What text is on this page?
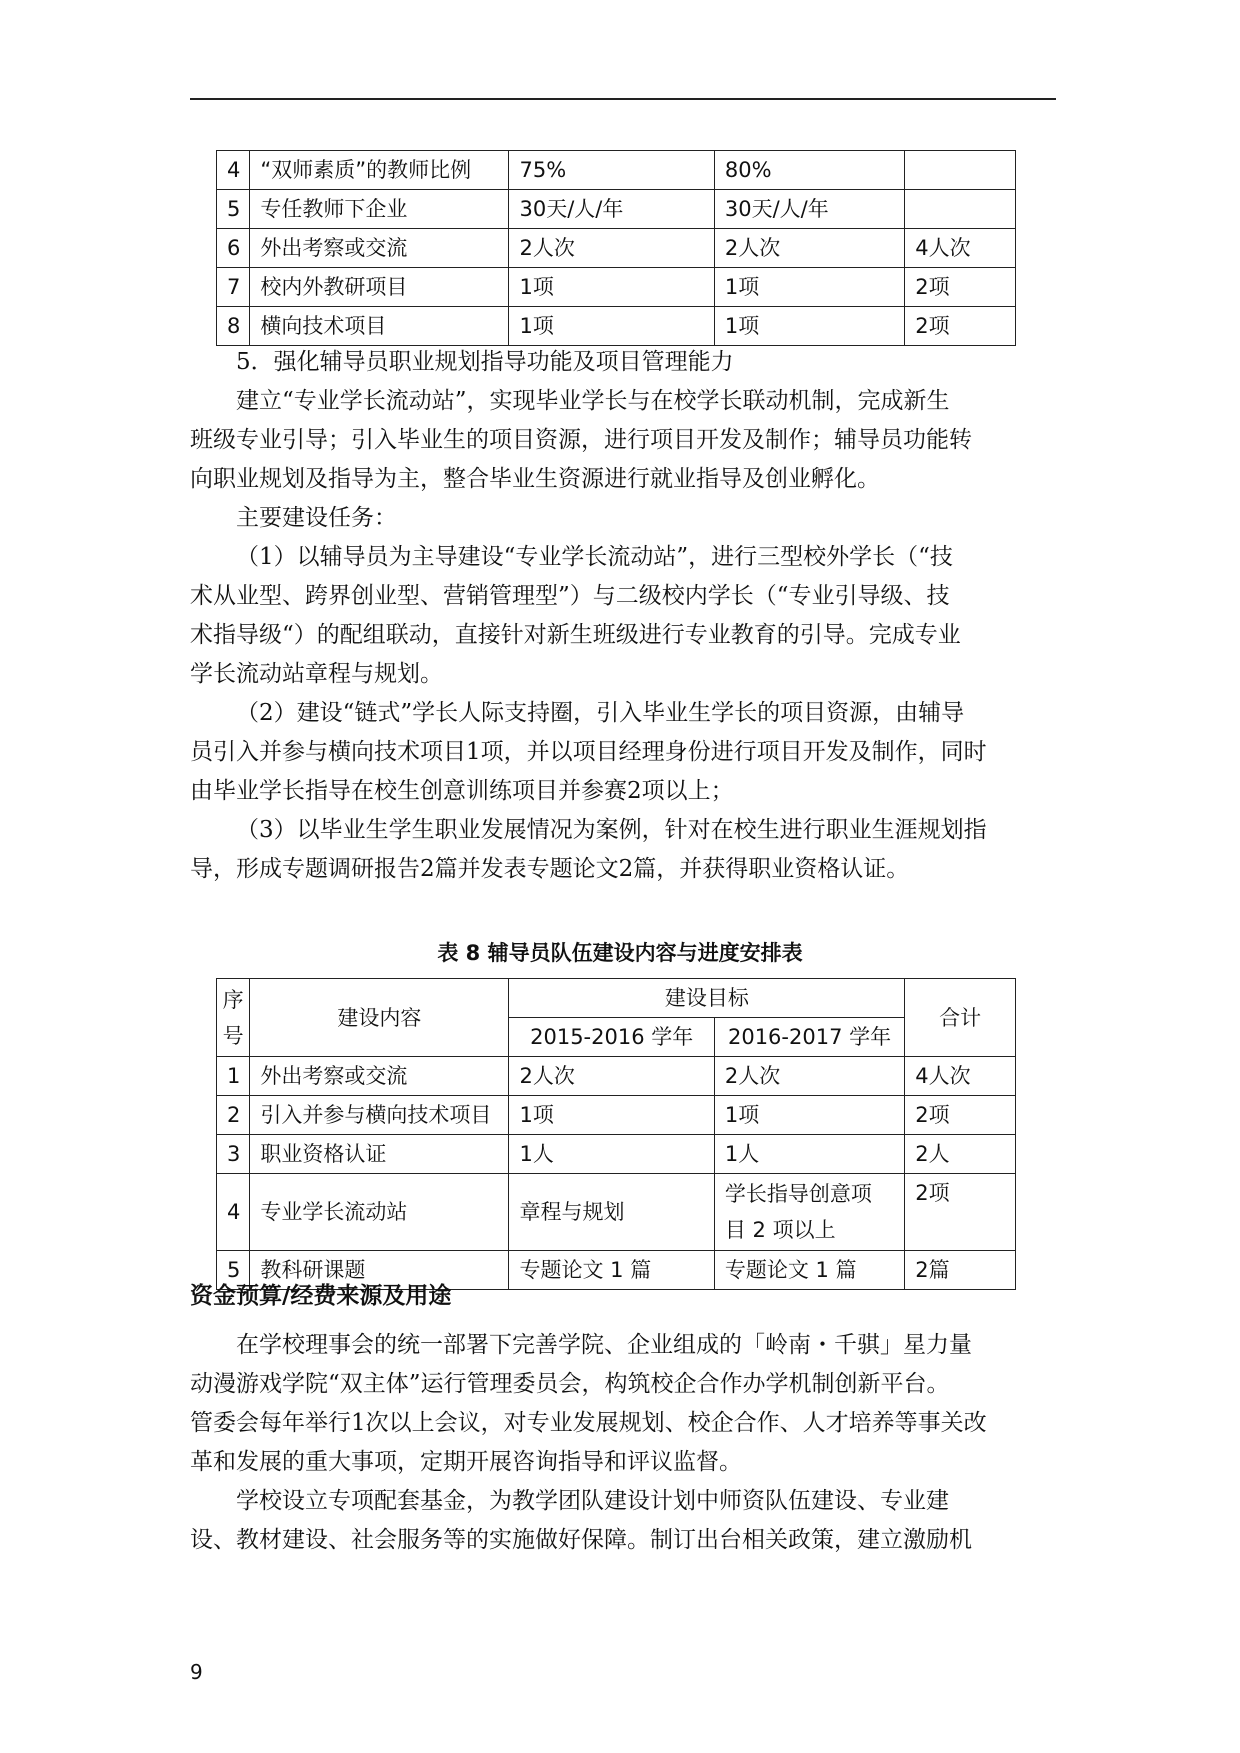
4	“双师素质”的教师比例	75%	80%	
5	专任教师下企业	30天/人/年	30天/人/年	
6	外出考察或交流	2人次	2人次	4人次
7	校内外教研项目	1项	1项	2项
8	横向技术项目	1项	1项	2项
5．强化辅导员职业规划指导功能及项目管理能力
建立“专业学长流动站”，实现毕业学长与在校学长联动机制，完成新生
班级专业引导；引入毕业生的项目资源，进行项目开发及制作；辅导员功能转
向职业规划及指导为主，整合毕业生资源进行就业指导及创业孵化。
主要建设任务：
（1）以辅导员为主导建设“专业学长流动站”，进行三型校外学长（“技
术从业型、跨界创业型、营销管理型”）与二级校内学长（“专业引导级、技
术指导级“）的配组联动，直接针对新生班级进行专业教育的引导。完成专业
学长流动站章程与规划。
（2）建设“链式”学长人际支持圈，引入毕业生学长的项目资源，由辅导
员引入并参与横向技术项目1项，并以项目经理身份进行项目开发及制作，同时
由毕业学长指导在校生创意训练项目并参赛2项以上；
（3）以毕业生学生职业发展情况为案例，针对在校生进行职业生涯规划指
导，形成专题调研报告2篇并发表专题论文2篇，并获得职业资格认证。
表 8 辅导员队伍建设内容与进度安排表
序
号	建设内容	建设目标		合计
		2015-2016 学年	2016-2017 学年	
1	外出考察或交流	2人次	2人次	4人次
2	引入并参与横向技术项目	1项	1项	2项
3	职业资格认证	1人	1人	2人
4	专业学长流动站	章程与规划	学长指导创意项
目 2 项以上	2项
5	教科研课题	专题论文 1 篇	专题论文 1 篇	2篇
资金预算/经费来源及用途
在学校理事会的统一部署下完善学院、企业组成的「岭南・千骐」星力量
动漫游戏学院“双主体”运行管理委员会，构筑校企合作办学机制创新平台。
管委会每年举行1次以上会议，对专业发展规划、校企合作、人才培养等事关改
革和发展的重大事项，定期开展咨询指导和评议监督。
学校设立专项配套基金，为教学团队建设计划中师资队伍建设、专业建
设、教材建设、社会服务等的实施做好保障。制订出台相关政策，建立激励机
9
